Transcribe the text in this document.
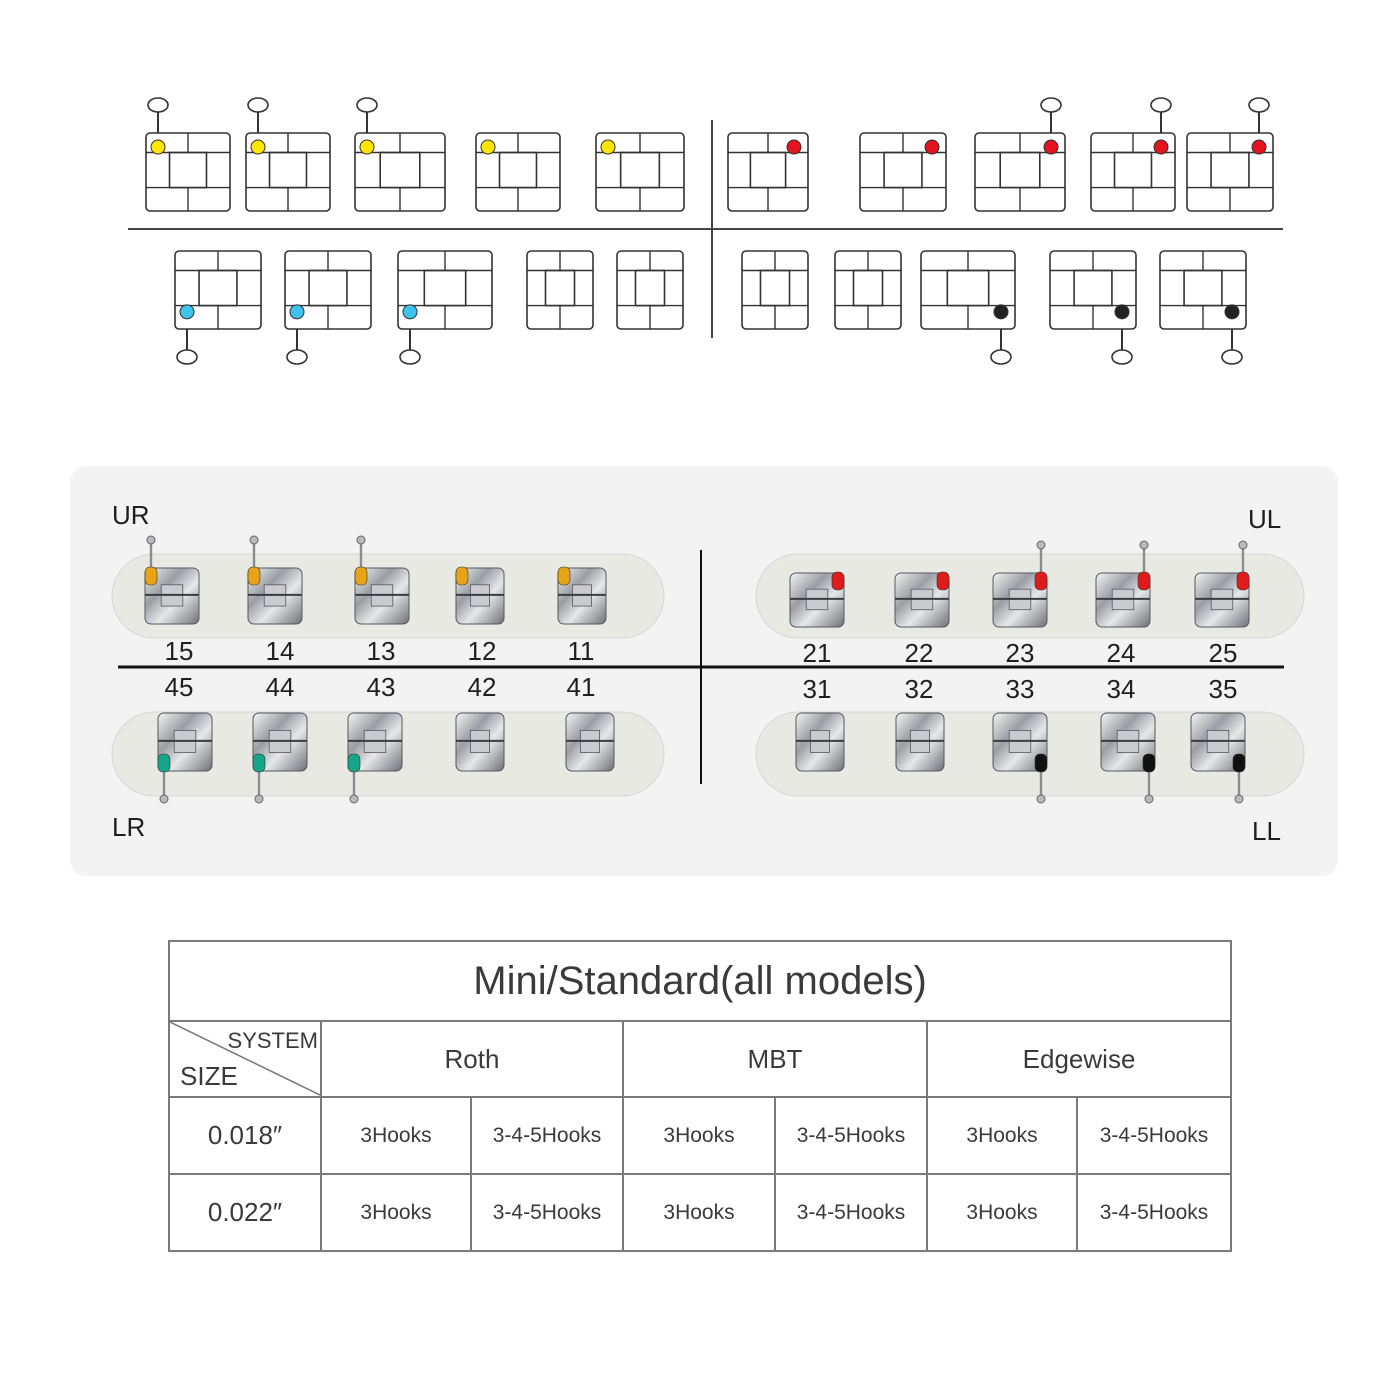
UR	UL
LR	LL
15	14	13	12	11	21	22	23	24	25
45	44	43	42	41	31	32	33	34	35
Mini/Standard(all models)						

SYSTEM
SIZE	Roth		MBT		Edgewise	
0.018″	3Hooks	3-4-5Hooks	3Hooks	3-4-5Hooks	3Hooks	3-4-5Hooks
0.022″	3Hooks	3-4-5Hooks	3Hooks	3-4-5Hooks	3Hooks	3-4-5Hooks
